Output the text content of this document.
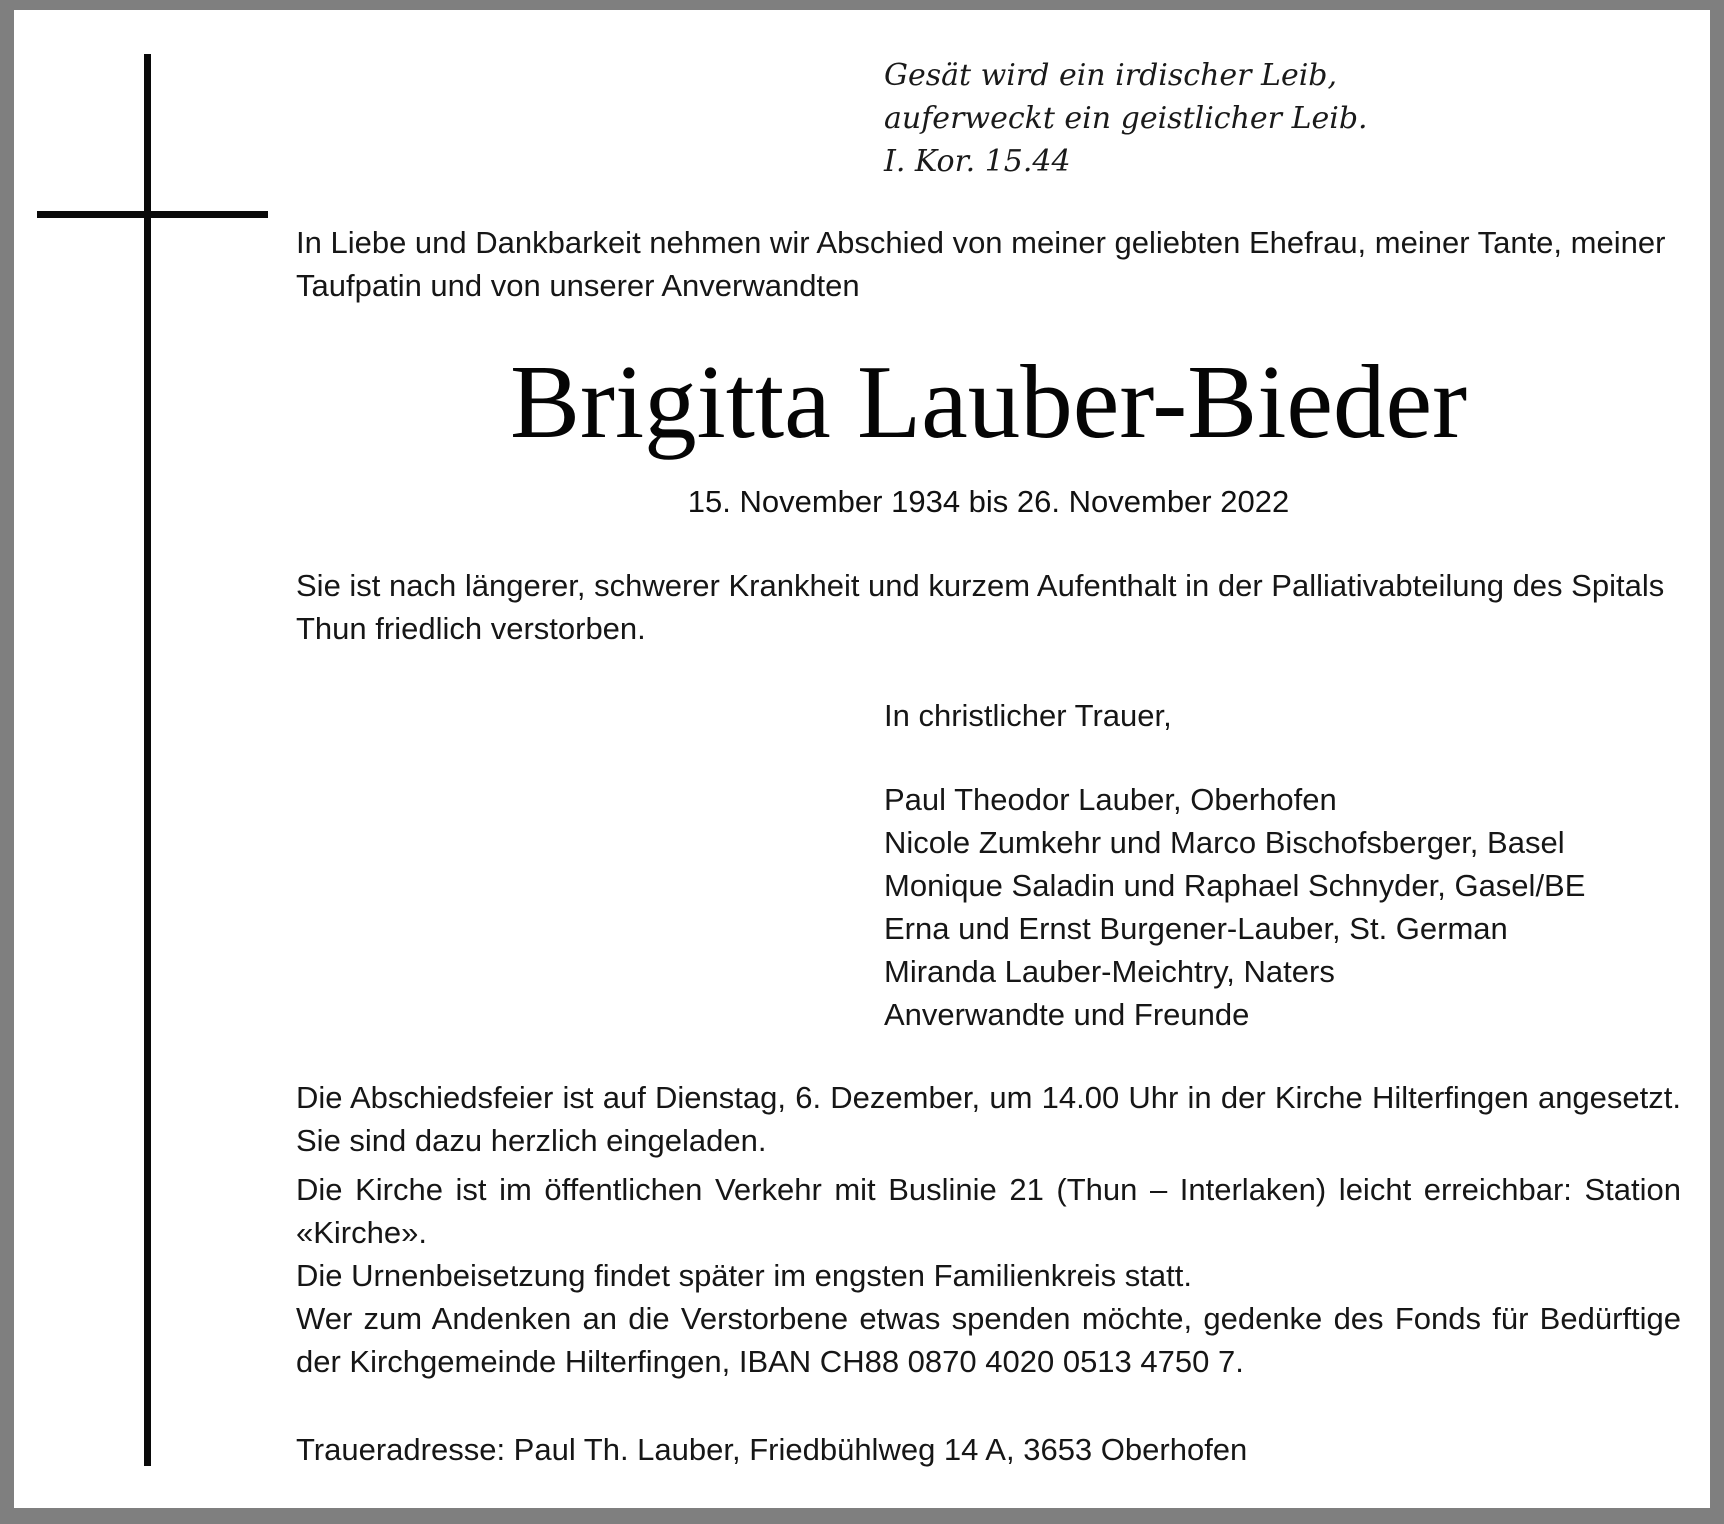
Gesät wird ein irdischer Leib,
auferweckt ein geistlicher Leib.
I. Kor. 15.44
In Liebe und Dankbarkeit nehmen wir Abschied von meiner geliebten Ehefrau, meiner Tante, meiner Taufpatin und von unserer Anverwandten
Brigitta Lauber-Bieder
15. November 1934 bis 26. November 2022
Sie ist nach längerer, schwerer Krankheit und kurzem Aufenthalt in der Palliativabteilung des Spitals Thun friedlich verstorben.
In christlicher Trauer,
Paul Theodor Lauber, Oberhofen
Nicole Zumkehr und Marco Bischofsberger, Basel
Monique Saladin und Raphael Schnyder, Gasel/BE
Erna und Ernst Burgener-Lauber, St. German
Miranda Lauber-Meichtry, Naters
Anverwandte und Freunde

Die Abschiedsfeier ist auf Dienstag, 6. Dezember, um 14.00 Uhr in der Kirche Hilterfingen angesetzt. Sie sind dazu herzlich eingeladen.

Die Kirche ist im öffentlichen Verkehr mit Buslinie 21 (Thun – Interlaken) leicht erreichbar: Station «Kirche».

Die Urnenbeisetzung findet später im engsten Familienkreis statt.

Wer zum Andenken an die Verstorbene etwas spenden möchte, gedenke des Fonds für Bedürftige der Kirchgemeinde Hilterfingen, IBAN CH88 0870 4020 0513 4750 7.

Traueradresse: Paul Th. Lauber, Friedbühlweg 14 A, 3653 Oberhofen
